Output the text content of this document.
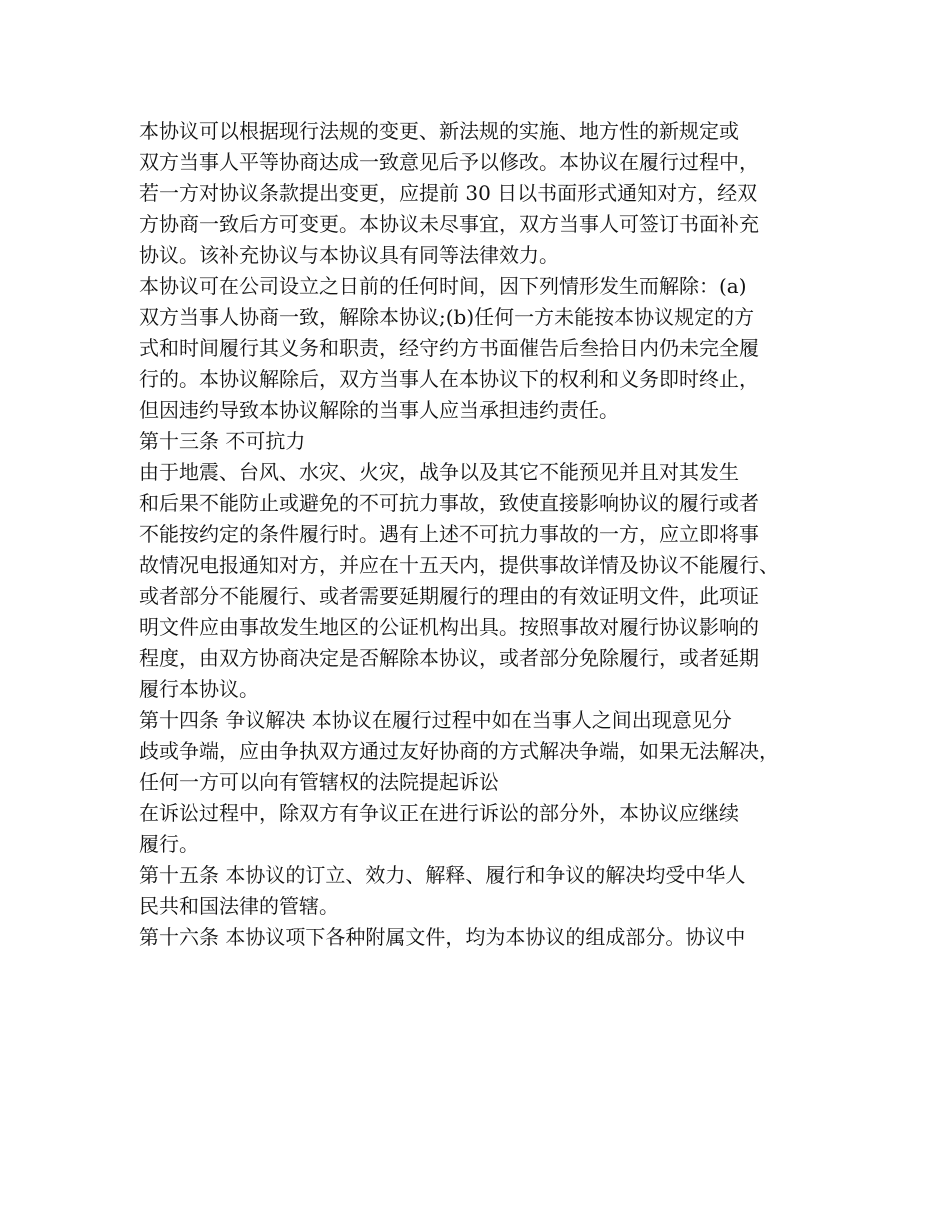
本协议可以根据现行法规的变更、新法规的实施、地方性的新规定或
双方当事人平等协商达成一致意见后予以修改。本协议在履行过程中，
若一方对协议条款提出变更，应提前 30 日以书面形式通知对方，经双
方协商一致后方可变更。本协议未尽事宜，双方当事人可签订书面补充
协议。该补充协议与本协议具有同等法律效力。
本协议可在公司设立之日前的任何时间，因下列情形发生而解除：(a)
双方当事人协商一致，解除本协议;(b)任何一方未能按本协议规定的方
式和时间履行其义务和职责，经守约方书面催告后叁拾日内仍未完全履
行的。本协议解除后，双方当事人在本协议下的权利和义务即时终止，
但因违约导致本协议解除的当事人应当承担违约责任。
第十三条 不可抗力
由于地震、台风、水灾、火灾，战争以及其它不能预见并且对其发生
和后果不能防止或避免的不可抗力事故，致使直接影响协议的履行或者
不能按约定的条件履行时。遇有上述不可抗力事故的一方，应立即将事
故情况电报通知对方，并应在十五天内，提供事故详情及协议不能履行、
或者部分不能履行、或者需要延期履行的理由的有效证明文件，此项证
明文件应由事故发生地区的公证机构出具。按照事故对履行协议影响的
程度，由双方协商决定是否解除本协议，或者部分免除履行，或者延期
履行本协议。
第十四条 争议解决 本协议在履行过程中如在当事人之间出现意见分
歧或争端，应由争执双方通过友好协商的方式解决争端，如果无法解决，
任何一方可以向有管辖权的法院提起诉讼
在诉讼过程中，除双方有争议正在进行诉讼的部分外，本协议应继续
履行。
第十五条 本协议的订立、效力、解释、履行和争议的解决均受中华人
民共和国法律的管辖。
第十六条 本协议项下各种附属文件，均为本协议的组成部分。协议中
